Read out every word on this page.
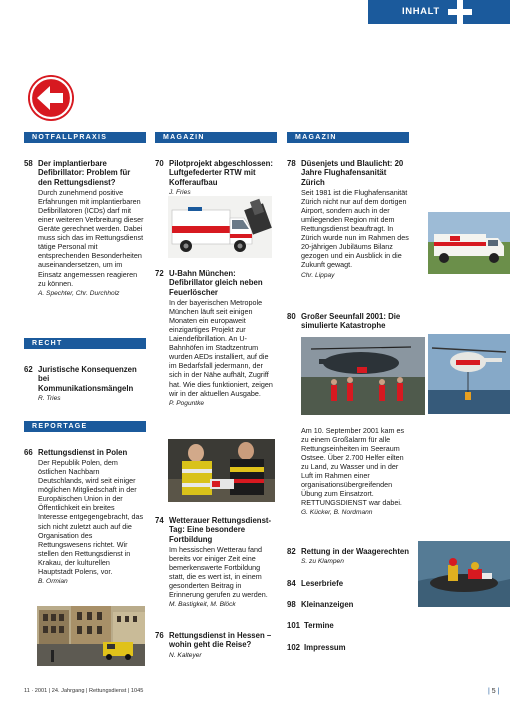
INHALT
NOTFALLPRAXIS
58 Der implantierbare Defibrillator: Problem für den Rettungsdienst?
Durch zunehmend positive Erfahrungen mit implantierbaren Defibrillatoren (ICDs) darf mit einer weiteren Verbreitung dieser Geräte gerechnet werden. Dabei muss sich das im Rettungsdienst tätige Personal mit entsprechenden Besonderheiten auseinandersetzen, um im Einsatz angemessen reagieren zu können.
A. Spechter, Chr. Durchholz
RECHT
62 Juristische Konsequenzen bei Kommunikationsmängeln
R. Tries
REPORTAGE
66 Rettungsdienst in Polen
Der Republik Polen, dem östlichen Nachbarn Deutschlands, wird seit einiger möglichen Mitgliedschaft in der Europäischen Union in der Öffentlichkeit ein breites Interesse entgegengebracht, das sich nicht zuletzt auch auf die Organisation des Rettungswesens richtet. Wir stellen den Rettungsdienst in Krakau, der kulturellen Hauptstadt Polens, vor.
B. Ormian
MAGAZIN
70 Pilotprojekt abgeschlossen: Luftgefederter RTW mit Kofferaufbau
J. Fries
72 U-Bahn München: Defibrillator gleich neben Feuerlöscher
In der bayerischen Metropole München läuft seit einigen Monaten ein europaweit einzigartiges Projekt zur Laiendefibrillation. An U-Bahnhöfen im Stadtzentrum wurden AEDs installiert, auf die im Bedarfsfall jedermann, der sich in der Nähe aufhält, Zugriff hat. Wie dies funktioniert, zeigen wir in der aktuellen Ausgabe.
P. Poguntke
74 Wetterauer Rettungsdienst-Tag: Eine besondere Fortbildung
Im hessischen Wetterau fand bereits vor einiger Zeit eine bemerkenswerte Fortbildung statt, die es wert ist, in einem gesonderten Beitrag in Erinnerung gerufen zu werden.
M. Bastigkeit, M. Blöck
76 Rettungsdienst in Hessen – wohin geht die Reise?
N. Kalteyer
MAGAZIN
78 Düsenjets und Blaulicht: 20 Jahre Flughafensanität Zürich
Seit 1981 ist die Flughafensanität Zürich nicht nur auf dem dortigen Airport, sondern auch in der umliegenden Region mit dem Rettungsdienst beauftragt. In Zürich wurde nun im Rahmen des 20-jährigen Jubiläums Bilanz gezogen und ein Ausblick in die Zukunft gewagt.
Chr. Lippay
80 Großer Seeunfall 2001: Die simulierte Katastrophe
Am 10. September 2001 kam es zu einem Großalarm für alle Rettungseinheiten im Seeraum Ostsee. Über 2.700 Helfer eilten zu Land, zu Wasser und in der Luft im Rahmen einer organisationsübergreifenden Übung zum Einsatzort. RETTUNGSDIENST war dabei.
G. Kücker, B. Nordmann
82 Rettung in der Waagerechten
S. zu Klampen
84 Leserbriefe
98 Kleinanzeigen
101 Termine
102 Impressum
11 · 2001 | 24. Jahrgang | Rettungsdienst | 1045	| 5 |
